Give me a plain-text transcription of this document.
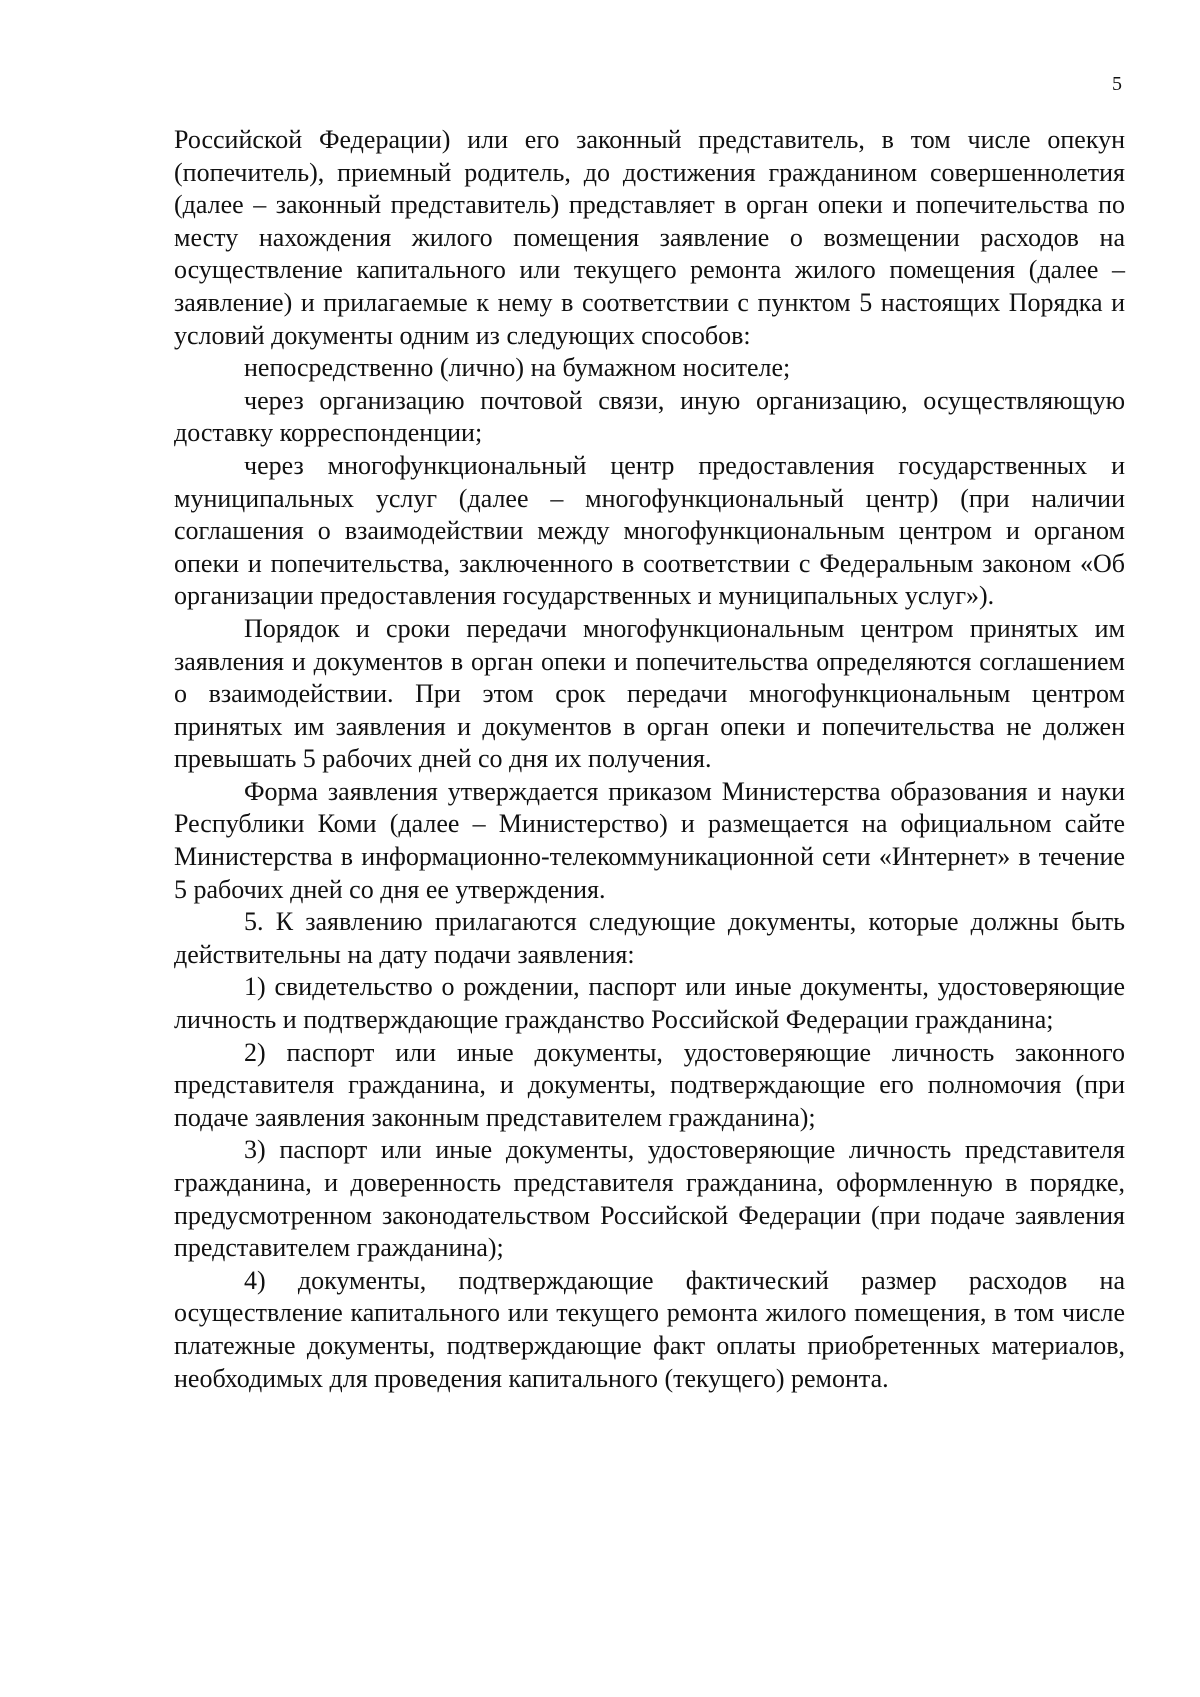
5

Российской Федерации) или его законный представитель, в том числе опекун (попечитель), приемный родитель, до достижения гражданином совершеннолетия (далее – законный представитель) представляет в орган опеки и попечительства по месту нахождения жилого помещения заявление о возмещении расходов на осуществление капитального или текущего ремонта жилого помещения (далее – заявление) и прилагаемые к нему в соответствии с пунктом 5 настоящих Порядка и условий документы одним из следующих способов:

непосредственно (лично) на бумажном носителе;

через организацию почтовой связи, иную организацию, осуществляющую доставку корреспонденции;

через многофункциональный центр предоставления государственных и муниципальных услуг (далее – многофункциональный центр) (при наличии соглашения о взаимодействии между многофункциональным центром и органом опеки и попечительства, заключенного в соответствии с Федеральным законом «Об организации предоставления государственных и муниципальных услуг»).

Порядок и сроки передачи многофункциональным центром принятых им заявления и документов в орган опеки и попечительства определяются соглашением о взаимодействии. При этом срок передачи многофункциональным центром принятых им заявления и документов в орган опеки и попечительства не должен превышать 5 рабочих дней со дня их получения.

Форма заявления утверждается приказом Министерства образования и науки Республики Коми (далее – Министерство) и размещается на официальном сайте Министерства в информационно-телекоммуникационной сети «Интернет» в течение 5 рабочих дней со дня ее утверждения.

5. К заявлению прилагаются следующие документы, которые должны быть действительны на дату подачи заявления:

1) свидетельство о рождении, паспорт или иные документы, удостоверяющие личность и подтверждающие гражданство Российской Федерации гражданина;

2) паспорт или иные документы, удостоверяющие личность законного представителя гражданина, и документы, подтверждающие его полномочия (при подаче заявления законным представителем гражданина);

3) паспорт или иные документы, удостоверяющие личность представителя гражданина, и доверенность представителя гражданина, оформленную в порядке, предусмотренном законодательством Российской Федерации (при подаче заявления представителем гражданина);

4) документы, подтверждающие фактический размер расходов на осуществление капитального или текущего ремонта жилого помещения, в том числе платежные документы, подтверждающие факт оплаты приобретенных материалов, необходимых для проведения капитального (текущего) ремонта.
